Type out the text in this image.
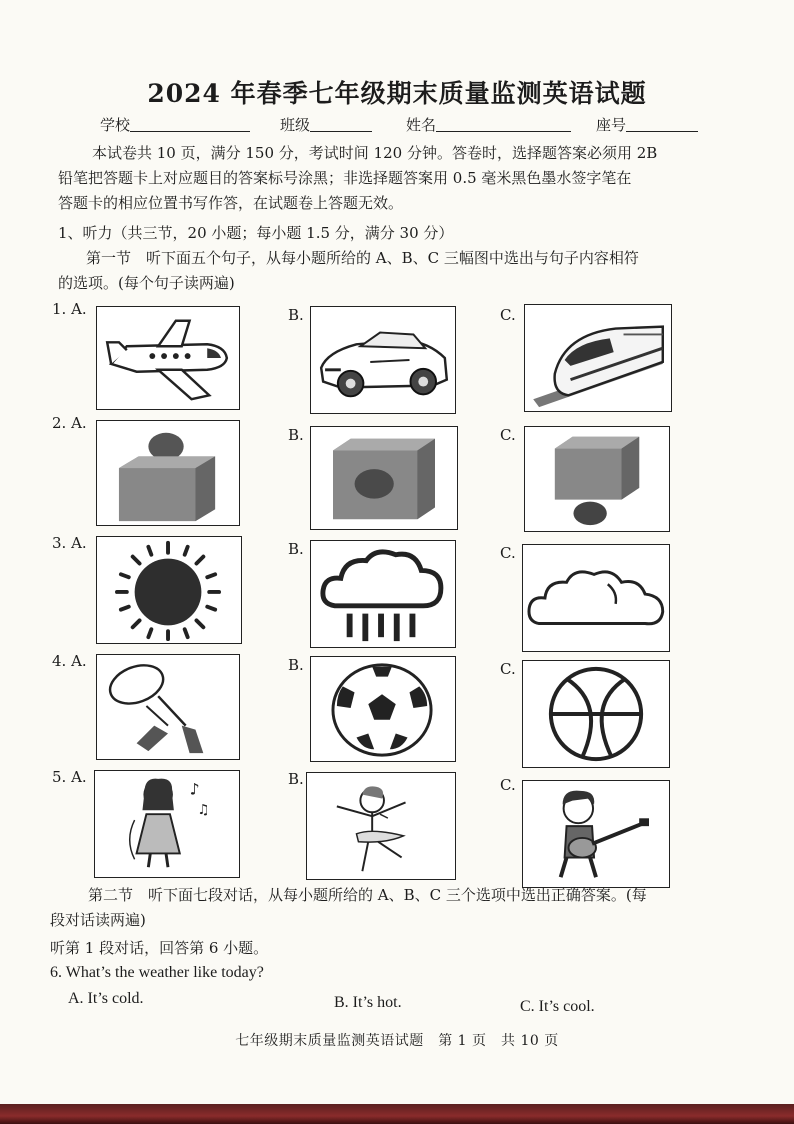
2024 年春季七年级期末质量监测英语试题
学校	班级	姓名	座号
本试卷共 10 页，满分 150 分，考试时间 120 分钟。答卷时，选择题答案必须用 2B
铅笔把答题卡上对应题目的答案标号涂黑；非选择题答案用 0.5 毫米黑色墨水签字笔在
答题卡的相应位置书写作答，在试题卷上答题无效。
1、听力（共三节，20 小题；每小题 1.5 分，满分 30 分）
第一节　听下面五个句子，从每小题所给的 A、B、C 三幅图中选出与句子内容相符
的选项。(每个句子读两遍)
1. A.	B.	C.
2. A.
B.	C.
3. A.	B.	C.
4. A.	B.	C.
5. A.
♪
♫
B.	C.
第二节　听下面七段对话，从每小题所给的 A、B、C 三个选项中选出正确答案。(每
段对话读两遍)
听第 1 段对话，回答第 6 小题。
6. What’s the weather like today?
A. It’s cold.	B. It’s hot.	C. It’s cool.
七年级期末质量监测英语试题　第 1 页　共 10 页
